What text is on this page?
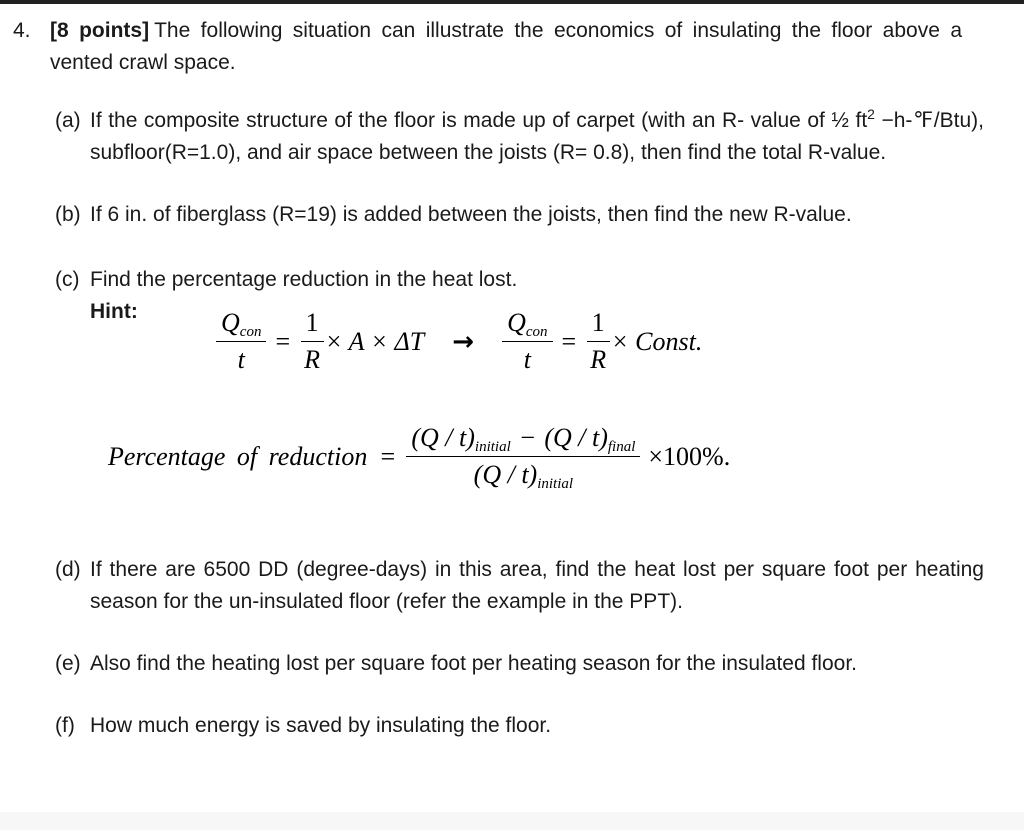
4. [8 points] The following situation can illustrate the economics of insulating the floor above a vented crawl space.

(a) If the composite structure of the floor is made up of carpet (with an R- value of ½ $ft^2$ −h-℉/Btu), subfloor(R=1.0), and air space between the joists (R= 0.8), then find the total R-value.

(b) If 6 in. of fiberglass (R=19) is added between the joists, then find the new R-value.

(c) Find the percentage reduction in the heat lost.

Hint:	$\frac{Q_{con}}{t} = \frac{1}{R} \times A \times \Delta T \to \frac{Q_{con}}{t} = \frac{1}{R}$ × Const.
Percentage of reduction = $\frac{(Q / t)_{initial} - (Q / t)_{final}}{(Q / t)_{initial}} \times 100\%$.
(d) If there are 6500 DD (degree-days) in this area, find the heat lost per square foot per heating season for the un-insulated floor (refer the example in the PPT).

(e) Also find the heating lost per square foot per heating season for the insulated floor.

(f) How much energy is saved by insulating the floor.
